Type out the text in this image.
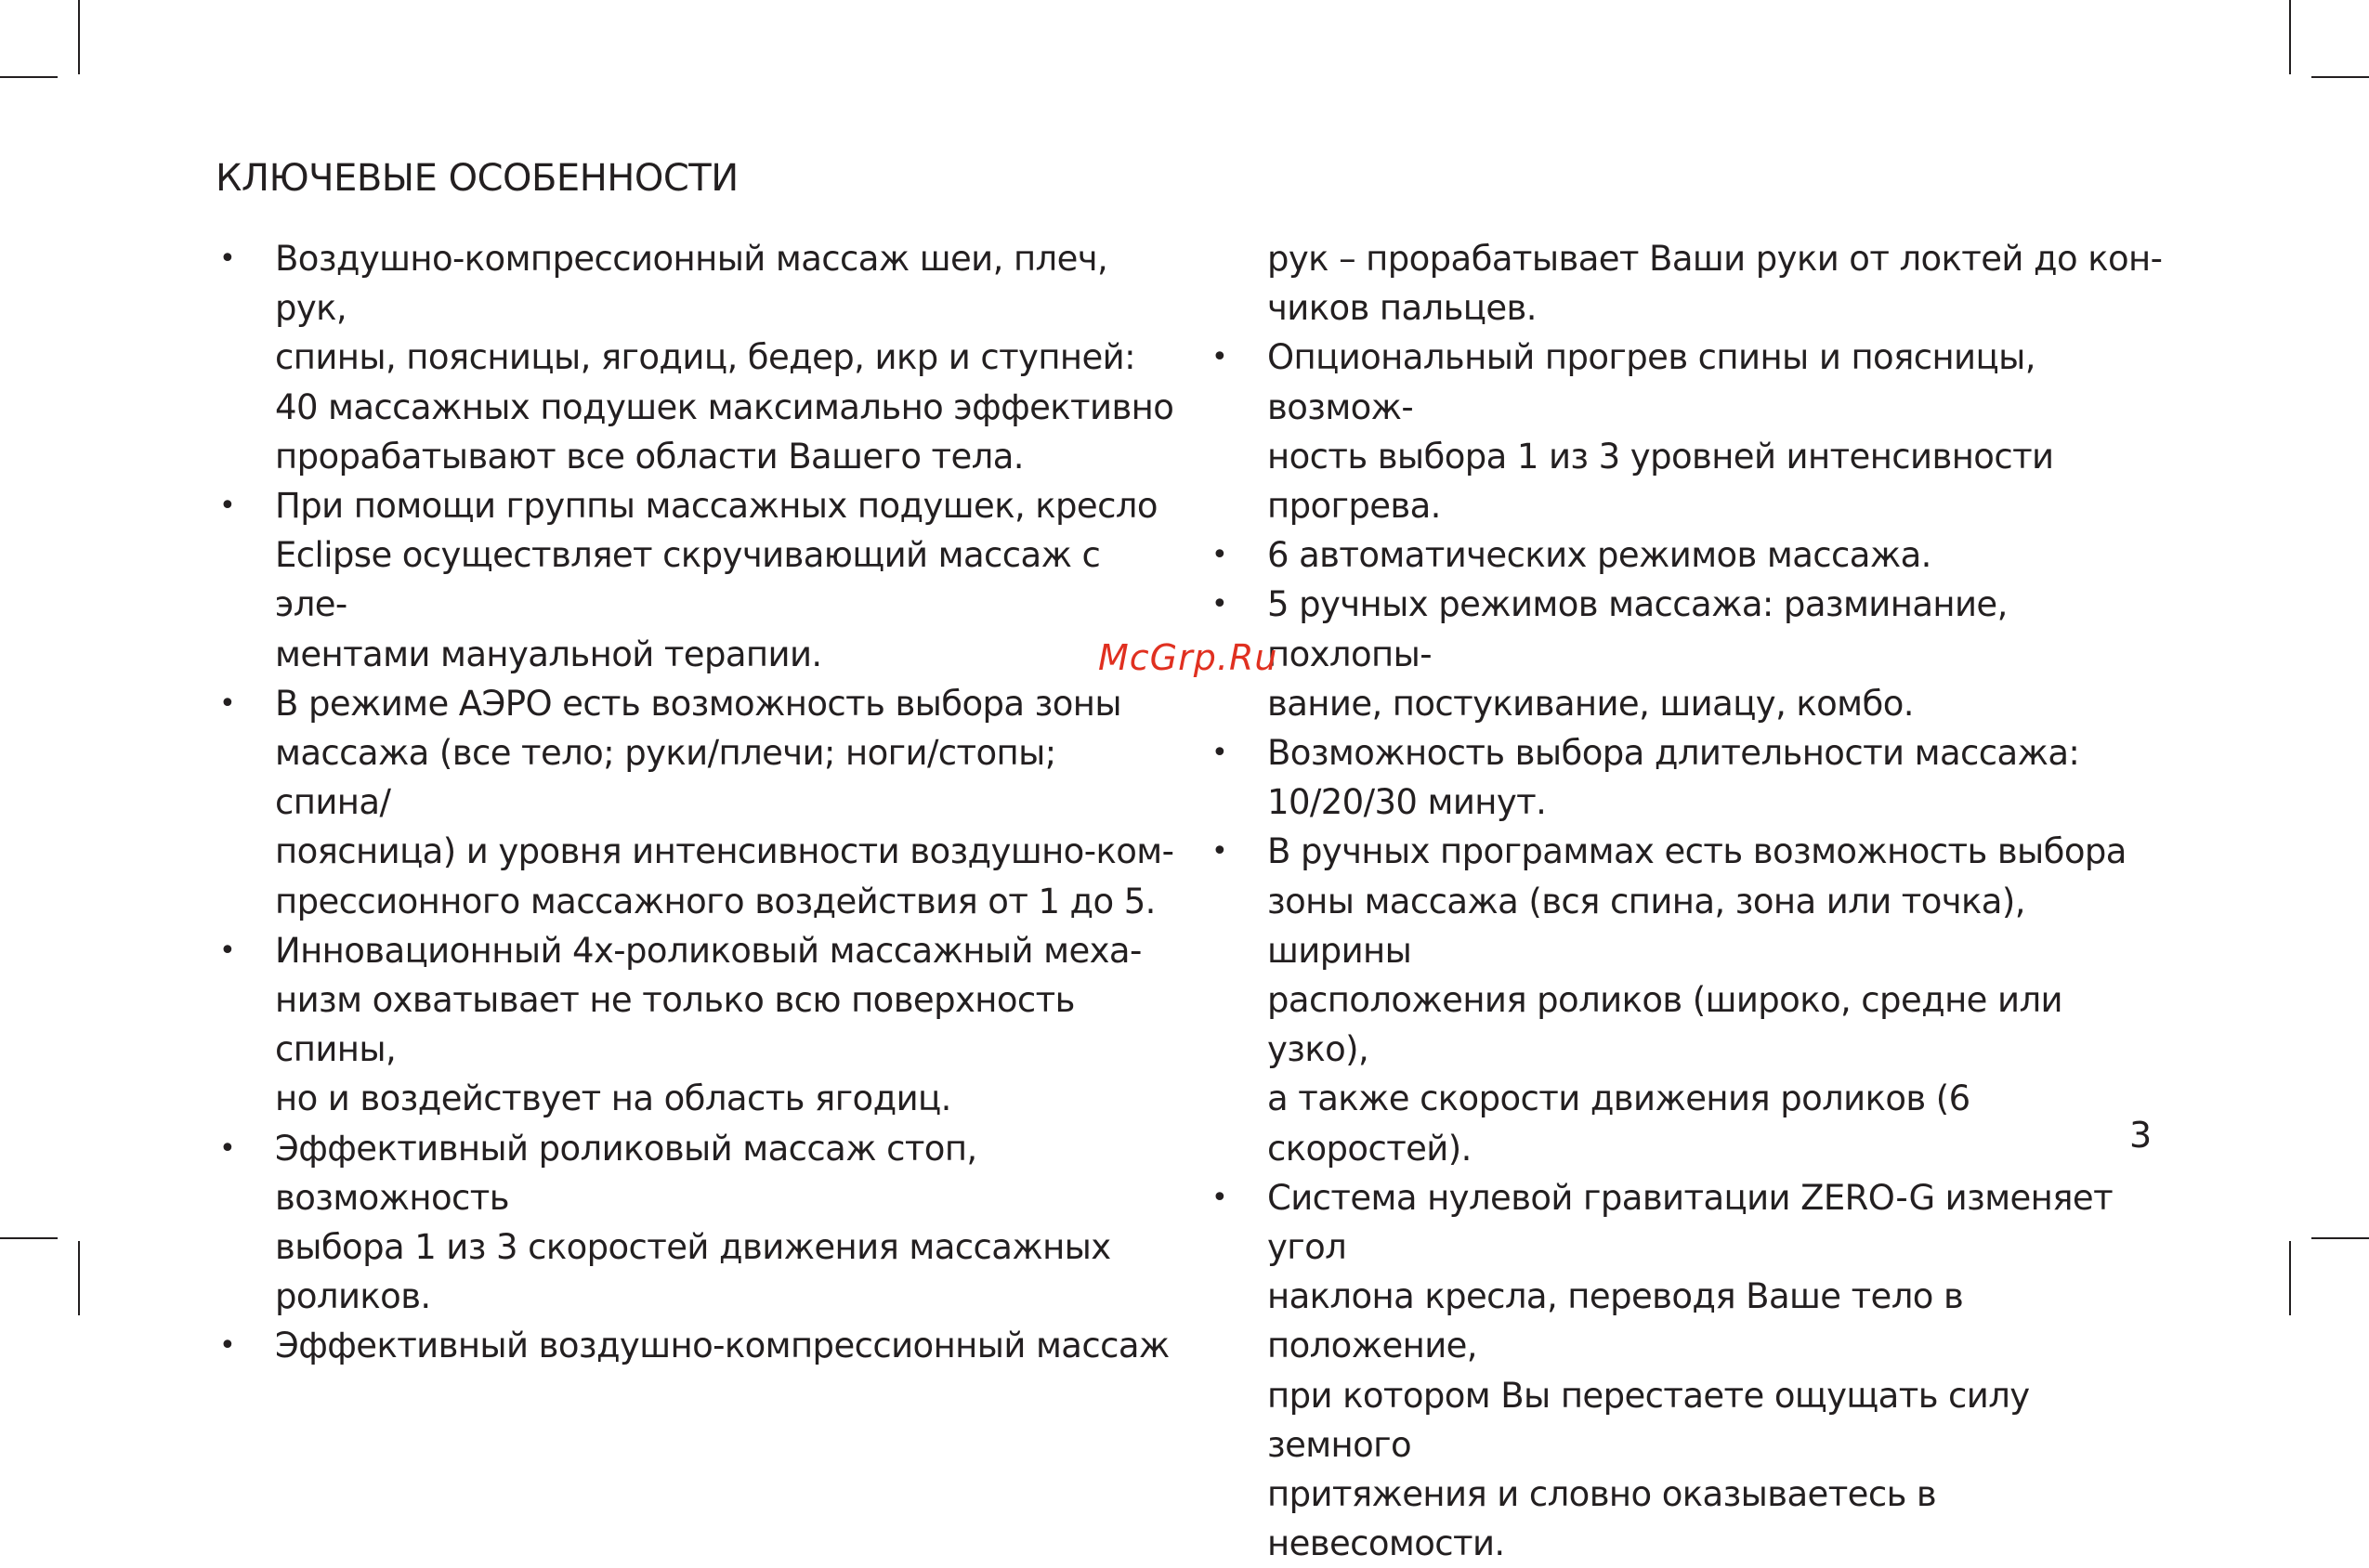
КЛЮЧЕВЫЕ ОСОБЕННОСТИ
• Воздушно-компрессионный массаж шеи, плеч, рук,
спины, поясницы, ягодиц, бедер, икр и ступней:
40 массажных подушек максимально эффективно
прорабатывают все области Вашего тела.
• При помощи группы массажных подушек, кресло
Eclipse осуществляет скручивающий массаж с эле-
ментами мануальной терапии.
• В режиме АЭРО есть возможность выбора зоны
массажа (все тело; руки/плечи; ноги/стопы; спина/
поясница) и уровня интенсивности воздушно-ком-
прессионного массажного воздействия от 1 до 5.
• Инновационный 4х-роликовый массажный меха-
низм охватывает не только всю поверхность спины,
но и воздействует на область ягодиц.
• Эффективный роликовый массаж стоп, возможность
выбора 1 из 3 скоростей движения массажных
роликов.
• Эффективный воздушно-компрессионный массаж
рук – прорабатывает Ваши руки от локтей до кон-
чиков пальцев.
• Опциональный прогрев спины и поясницы, возмож-
ность выбора 1 из 3 уровней интенсивности
прогрева.
• 6 автоматических режимов массажа.
• 5 ручных режимов массажа: разминание, похлопы-
вание, постукивание, шиацу, комбо.
• Возможность выбора длительности массажа:
10/20/30 минут.
• В ручных программах есть возможность выбора
зоны массажа (вся спина, зона или точка), ширины
расположения роликов (широко, средне или узко),
а также скорости движения роликов (6 скоростей).
• Система нулевой гравитации ZERO-G изменяет угол
наклона кресла, переводя Ваше тело в положение,
при котором Вы перестаете ощущать силу земного
притяжения и словно оказываетесь в невесомости.
McGrp.Ru
3
